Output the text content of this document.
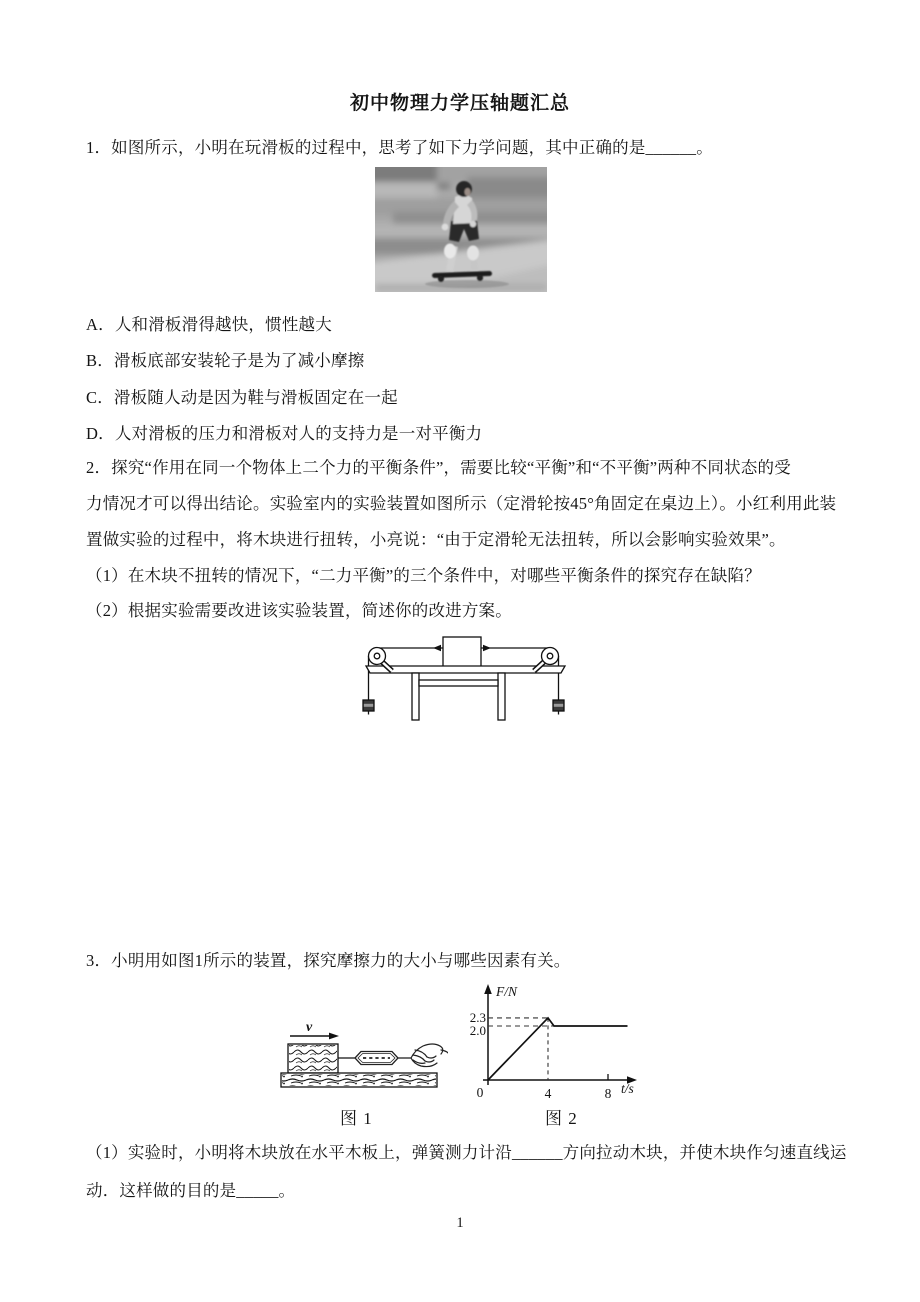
初中物理力学压轴题汇总
1．如图所示，小明在玩滑板的过程中，思考了如下力学问题，其中正确的是______。
A．人和滑板滑得越快，惯性越大
B．滑板底部安装轮子是为了减小摩擦
C．滑板随人动是因为鞋与滑板固定在一起
D．人对滑板的压力和滑板对人的支持力是一对平衡力
2．探究“作用在同一个物体上二个力的平衡条件”，需要比较“平衡”和“不平衡”两种不同状态的受
力情况才可以得出结论。实验室内的实验装置如图所示（定滑轮按45°角固定在桌边上）。小红利用此装
置做实验的过程中，将木块进行扭转，小亮说：“由于定滑轮无法扭转，所以会影响实验效果”。
（1）在木块不扭转的情况下，“二力平衡”的三个条件中，对哪些平衡条件的探究存在缺陷？
（2）根据实验需要改进该实验装置，简述你的改进方案。
3．小明用如图1所示的装置，探究摩擦力的大小与哪些因素有关。
v
F/N
t/s
2.3
2.0
0	4	8
图 1	图 2
（1）实验时，小明将木块放在水平木板上，弹簧测力计沿______方向拉动木块，并使木块作匀速直线运
动．这样做的目的是_____。
1
